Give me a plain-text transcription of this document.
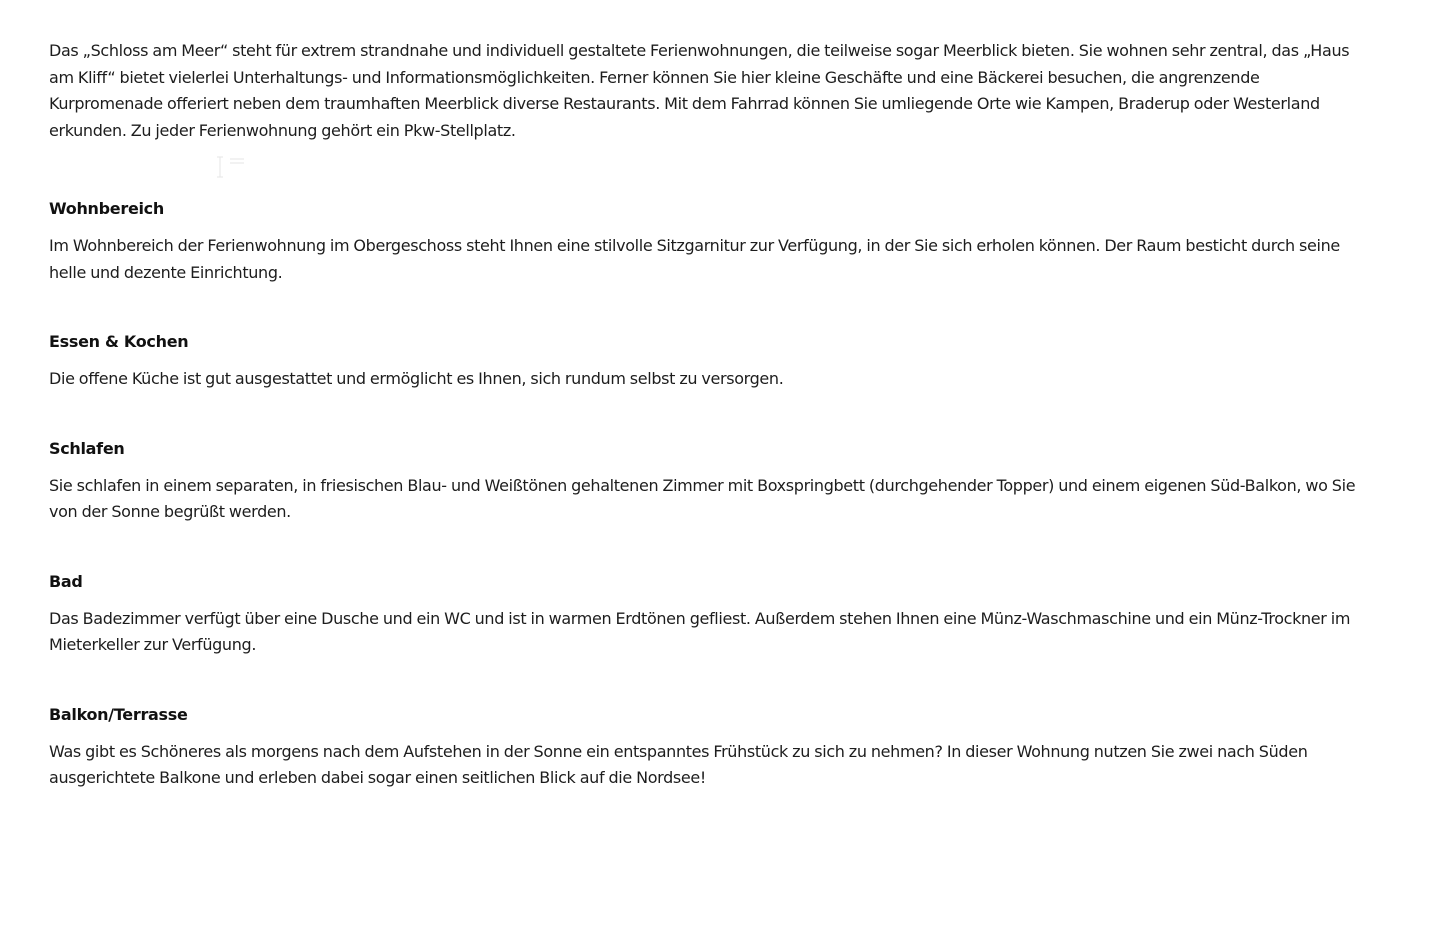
Das „Schloss am Meer“ steht für extrem strandnahe und individuell gestaltete Ferienwohnungen, die teilweise sogar Meerblick bieten. Sie wohnen sehr zentral, das „Haus am Kliff“ bietet vielerlei Unterhaltungs- und Informationsmöglichkeiten. Ferner können Sie hier kleine Geschäfte und eine Bäckerei besuchen, die angrenzende Kurpromenade offeriert neben dem traumhaften Meerblick diverse Restaurants. Mit dem Fahrrad können Sie umliegende Orte wie Kampen, Braderup oder Westerland erkunden. Zu jeder Ferienwohnung gehört ein Pkw-Stellplatz.

Wohnbereich

Im Wohnbereich der Ferienwohnung im Obergeschoss steht Ihnen eine stilvolle Sitzgarnitur zur Verfügung, in der Sie sich erholen können. Der Raum besticht durch seine helle und dezente Einrichtung.

Essen & Kochen

Die offene Küche ist gut ausgestattet und ermöglicht es Ihnen, sich rundum selbst zu versorgen.

Schlafen

Sie schlafen in einem separaten, in friesischen Blau- und Weißtönen gehaltenen Zimmer mit Boxspringbett (durchgehender Topper) und einem eigenen Süd-Balkon, wo Sie von der Sonne begrüßt werden.

Bad

Das Badezimmer verfügt über eine Dusche und ein WC und ist in warmen Erdtönen gefliest. Außerdem stehen Ihnen eine Münz-Waschmaschine und ein Münz-Trockner im Mieterkeller zur Verfügung.

Balkon/Terrasse

Was gibt es Schöneres als morgens nach dem Aufstehen in der Sonne ein entspanntes Frühstück zu sich zu nehmen? In dieser Wohnung nutzen Sie zwei nach Süden ausgerichtete Balkone und erleben dabei sogar einen seitlichen Blick auf die Nordsee!
